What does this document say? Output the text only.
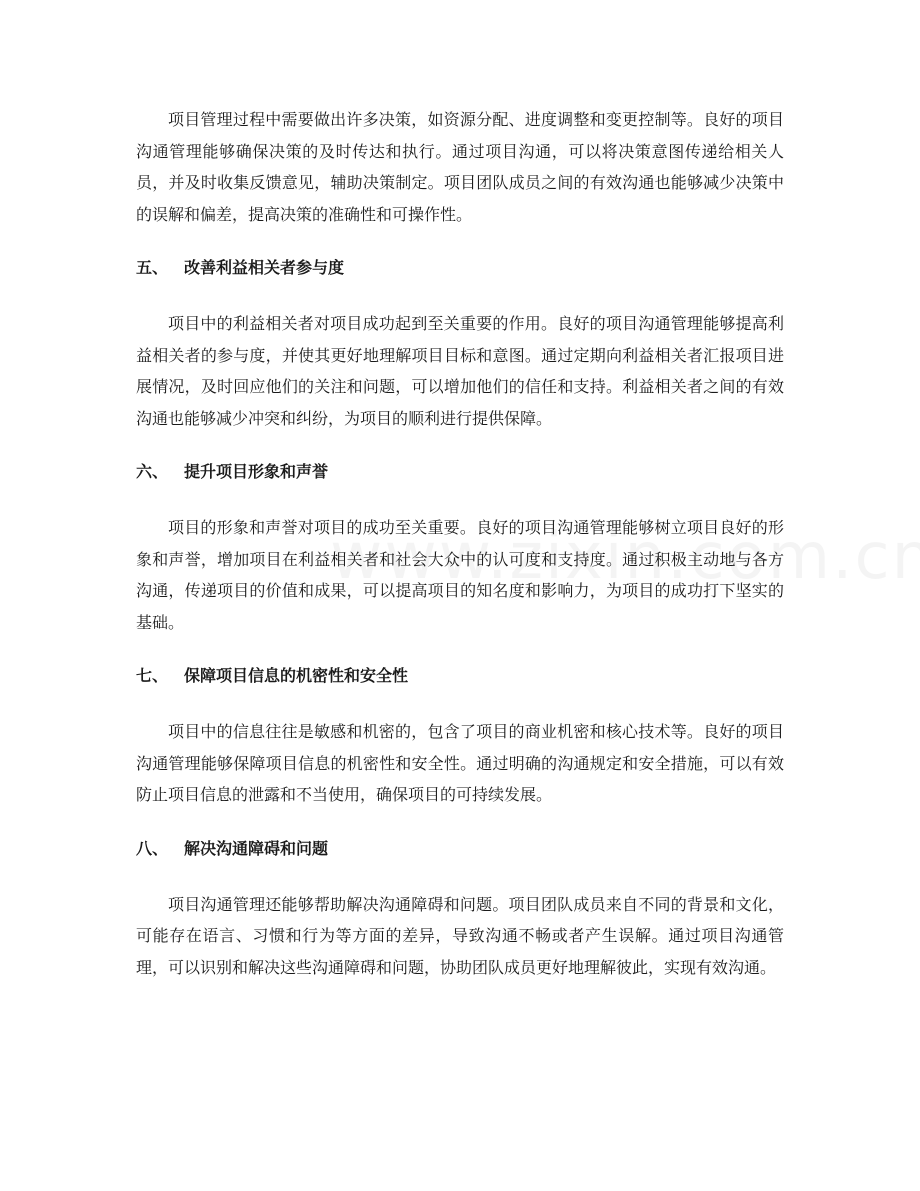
项目管理过程中需要做出许多决策，如资源分配、进度调整和变更控制等。良好的项目沟通管理能够确保决策的及时传达和执行。通过项目沟通，可以将决策意图传递给相关人员，并及时收集反馈意见，辅助决策制定。项目团队成员之间的有效沟通也能够减少决策中的误解和偏差，提高决策的准确性和可操作性。

五、 改善利益相关者参与度

项目中的利益相关者对项目成功起到至关重要的作用。良好的项目沟通管理能够提高利益相关者的参与度，并使其更好地理解项目目标和意图。通过定期向利益相关者汇报项目进展情况，及时回应他们的关注和问题，可以增加他们的信任和支持。利益相关者之间的有效沟通也能够减少冲突和纠纷，为项目的顺利进行提供保障。

六、 提升项目形象和声誉

项目的形象和声誉对项目的成功至关重要。良好的项目沟通管理能够树立项目良好的形象和声誉，增加项目在利益相关者和社会大众中的认可度和支持度。通过积极主动地与各方沟通，传递项目的价值和成果，可以提高项目的知名度和影响力，为项目的成功打下坚实的基础。

七、 保障项目信息的机密性和安全性

项目中的信息往往是敏感和机密的，包含了项目的商业机密和核心技术等。良好的项目沟通管理能够保障项目信息的机密性和安全性。通过明确的沟通规定和安全措施，可以有效防止项目信息的泄露和不当使用，确保项目的可持续发展。

八、 解决沟通障碍和问题

项目沟通管理还能够帮助解决沟通障碍和问题。项目团队成员来自不同的背景和文化，可能存在语言、习惯和行为等方面的差异，导致沟通不畅或者产生误解。通过项目沟通管理，可以识别和解决这些沟通障碍和问题，协助团队成员更好地理解彼此，实现有效沟通。
